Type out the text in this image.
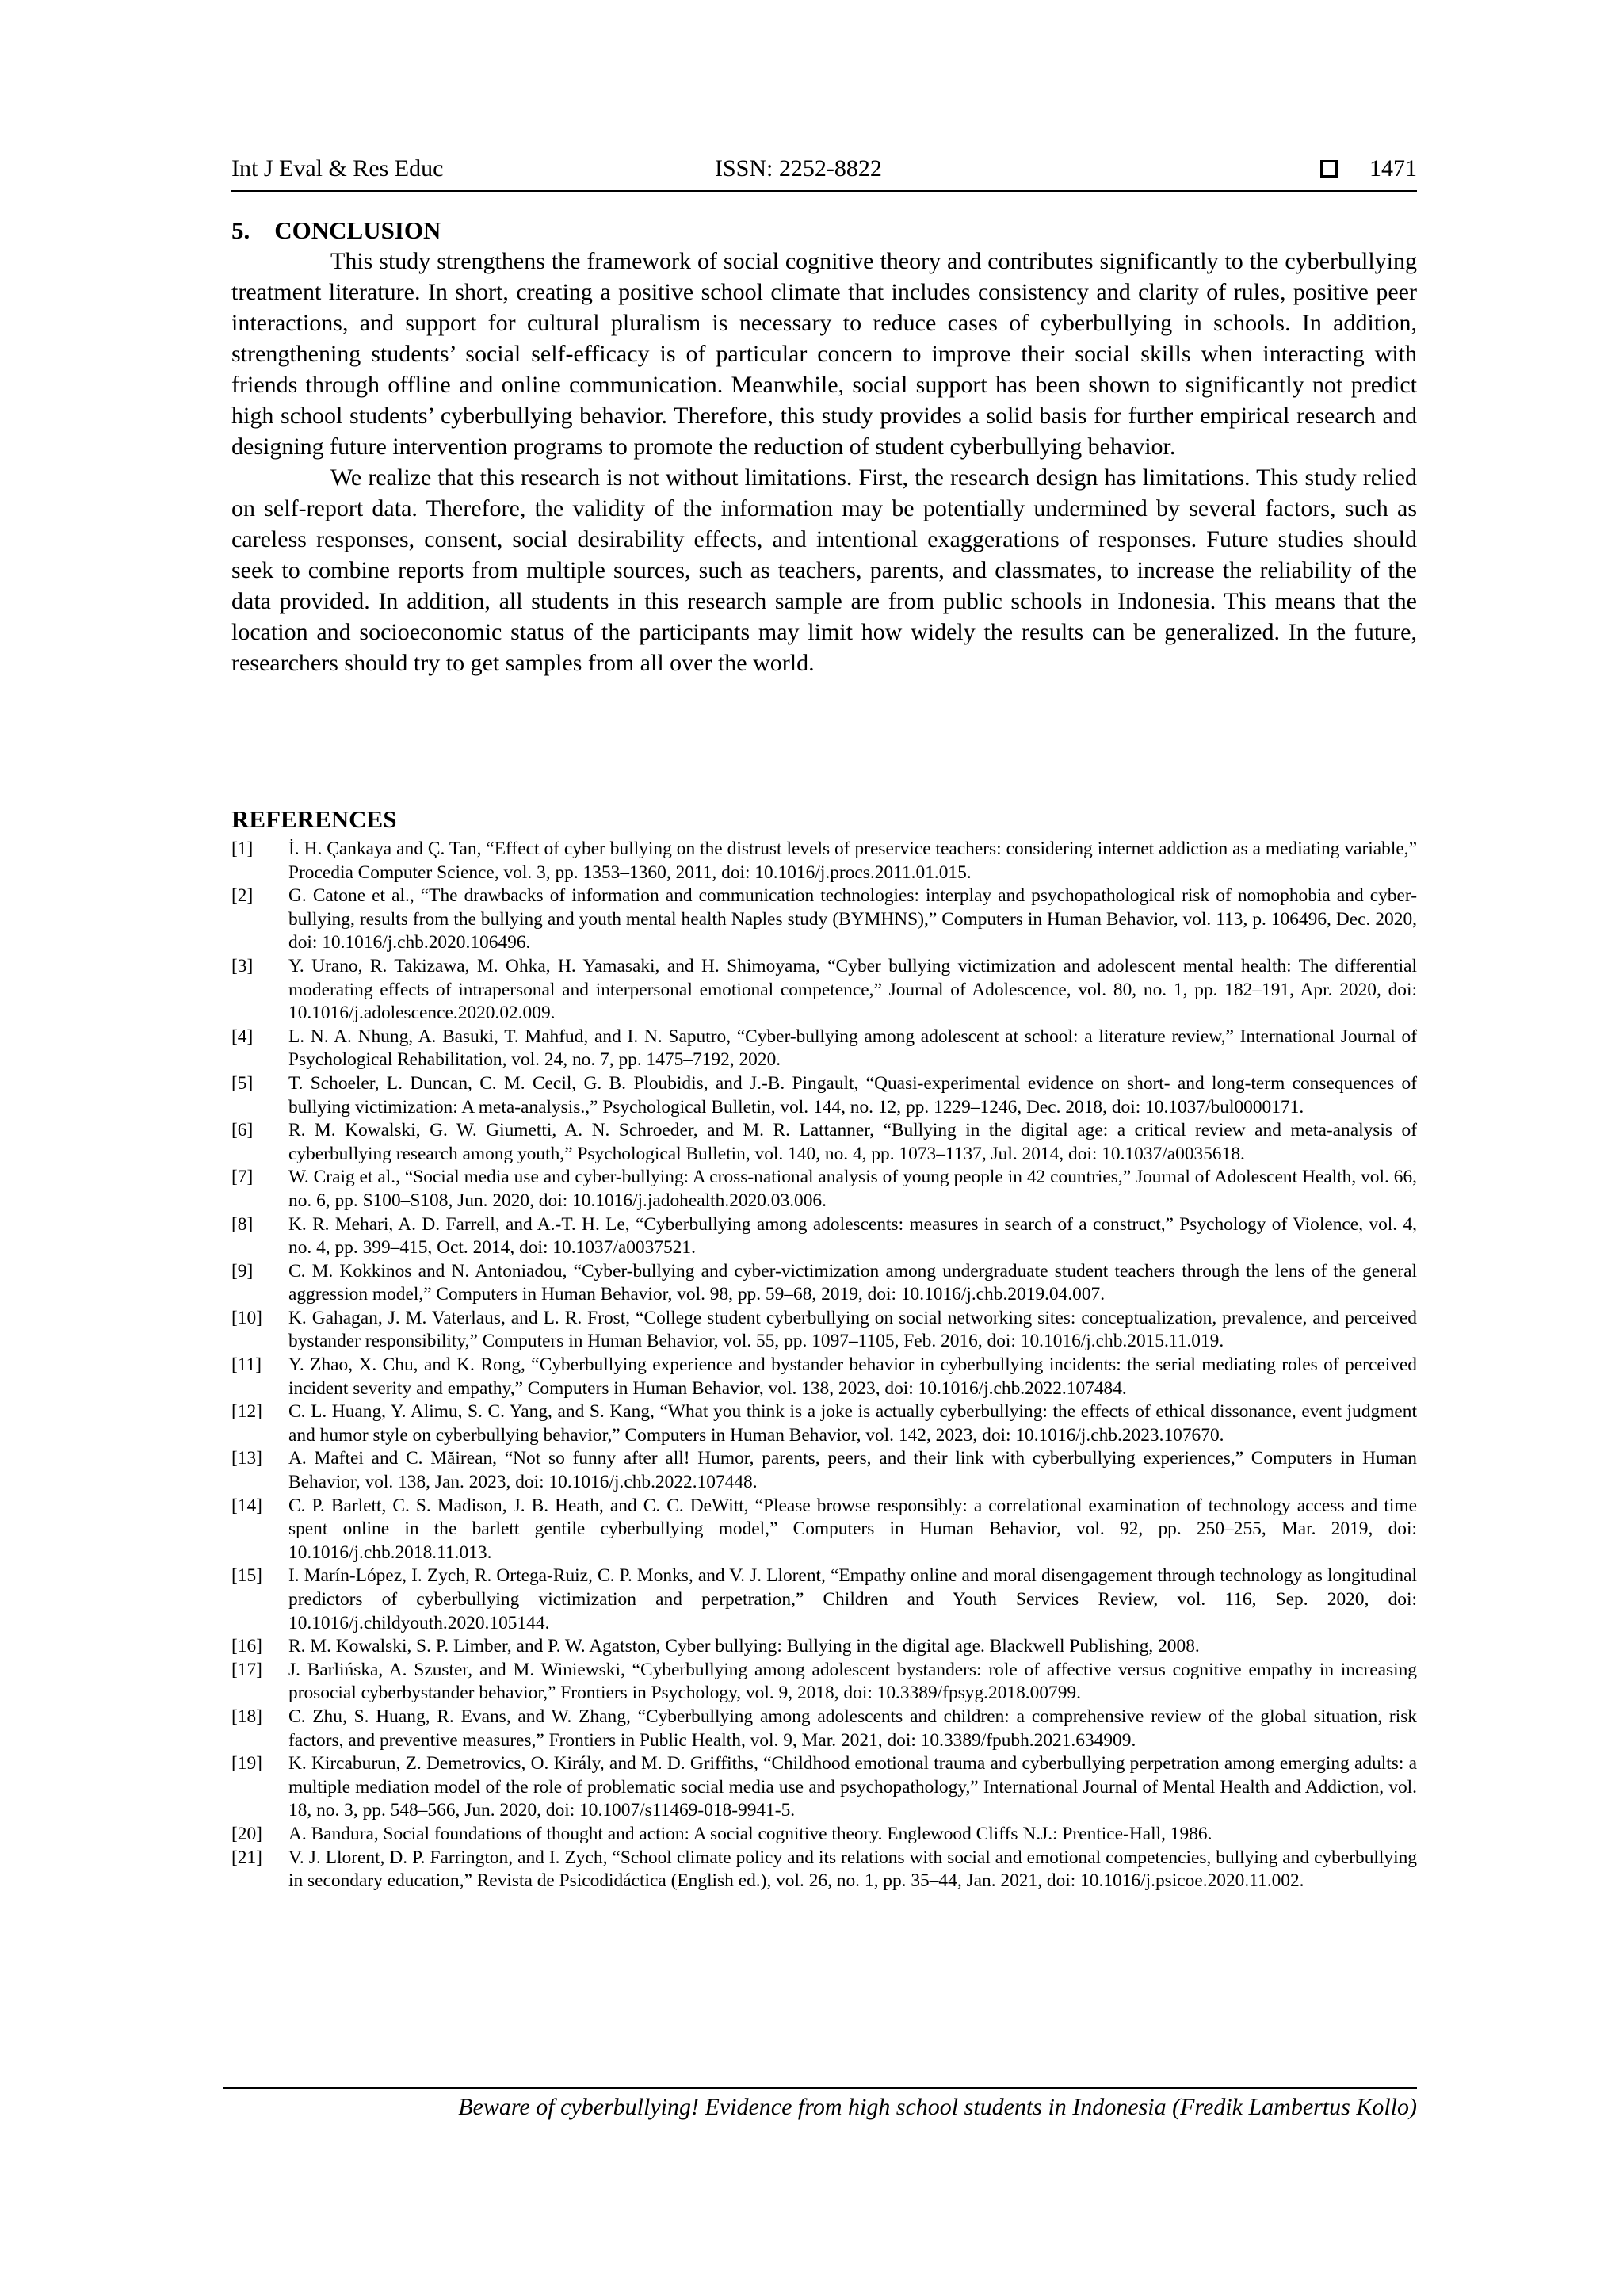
Int J Eval & Res Educ	ISSN: 2252-8822	1471
5.    CONCLUSION

This study strengthens the framework of social cognitive theory and contributes significantly to the cyberbullying treatment literature. In short, creating a positive school climate that includes consistency and clarity of rules, positive peer interactions, and support for cultural pluralism is necessary to reduce cases of cyberbullying in schools. In addition, strengthening students’ social self-efficacy is of particular concern to improve their social skills when interacting with friends through offline and online communication. Meanwhile, social support has been shown to significantly not predict high school students’ cyberbullying behavior. Therefore, this study provides a solid basis for further empirical research and designing future intervention programs to promote the reduction of student cyberbullying behavior.

We realize that this research is not without limitations. First, the research design has limitations. This study relied on self-report data. Therefore, the validity of the information may be potentially undermined by several factors, such as careless responses, consent, social desirability effects, and intentional exaggerations of responses. Future studies should seek to combine reports from multiple sources, such as teachers, parents, and classmates, to increase the reliability of the data provided. In addition, all students in this research sample are from public schools in Indonesia. This means that the location and socioeconomic status of the participants may limit how widely the results can be generalized. In the future, researchers should try to get samples from all over the world.

REFERENCES
[1]	İ. H. Çankaya and Ç. Tan, “Effect of cyber bullying on the distrust levels of preservice teachers: considering internet addiction as a mediating variable,” Procedia Computer Science, vol. 3, pp. 1353–1360, 2011, doi: 10.1016/j.procs.2011.01.015.
[2]	G. Catone et al., “The drawbacks of information and communication technologies: interplay and psychopathological risk of nomophobia and cyber-bullying, results from the bullying and youth mental health Naples study (BYMHNS),” Computers in Human Behavior, vol. 113, p. 106496, Dec. 2020, doi: 10.1016/j.chb.2020.106496.
[3]	Y. Urano, R. Takizawa, M. Ohka, H. Yamasaki, and H. Shimoyama, “Cyber bullying victimization and adolescent mental health: The differential moderating effects of intrapersonal and interpersonal emotional competence,” Journal of Adolescence, vol. 80, no. 1, pp. 182–191, Apr. 2020, doi: 10.1016/j.adolescence.2020.02.009.
[4]	L. N. A. Nhung, A. Basuki, T. Mahfud, and I. N. Saputro, “Cyber-bullying among adolescent at school: a literature review,” International Journal of Psychological Rehabilitation, vol. 24, no. 7, pp. 1475–7192, 2020.
[5]	T. Schoeler, L. Duncan, C. M. Cecil, G. B. Ploubidis, and J.-B. Pingault, “Quasi-experimental evidence on short- and long-term consequences of bullying victimization: A meta-analysis.,” Psychological Bulletin, vol. 144, no. 12, pp. 1229–1246, Dec. 2018, doi: 10.1037/bul0000171.
[6]	R. M. Kowalski, G. W. Giumetti, A. N. Schroeder, and M. R. Lattanner, “Bullying in the digital age: a critical review and meta-analysis of cyberbullying research among youth,” Psychological Bulletin, vol. 140, no. 4, pp. 1073–1137, Jul. 2014, doi: 10.1037/a0035618.
[7]	W. Craig et al., “Social media use and cyber-bullying: A cross-national analysis of young people in 42 countries,” Journal of Adolescent Health, vol. 66, no. 6, pp. S100–S108, Jun. 2020, doi: 10.1016/j.jadohealth.2020.03.006.
[8]	K. R. Mehari, A. D. Farrell, and A.-T. H. Le, “Cyberbullying among adolescents: measures in search of a construct,” Psychology of Violence, vol. 4, no. 4, pp. 399–415, Oct. 2014, doi: 10.1037/a0037521.
[9]	C. M. Kokkinos and N. Antoniadou, “Cyber-bullying and cyber-victimization among undergraduate student teachers through the lens of the general aggression model,” Computers in Human Behavior, vol. 98, pp. 59–68, 2019, doi: 10.1016/j.chb.2019.04.007.
[10]	K. Gahagan, J. M. Vaterlaus, and L. R. Frost, “College student cyberbullying on social networking sites: conceptualization, prevalence, and perceived bystander responsibility,” Computers in Human Behavior, vol. 55, pp. 1097–1105, Feb. 2016, doi: 10.1016/j.chb.2015.11.019.
[11]	Y. Zhao, X. Chu, and K. Rong, “Cyberbullying experience and bystander behavior in cyberbullying incidents: the serial mediating roles of perceived incident severity and empathy,” Computers in Human Behavior, vol. 138, 2023, doi: 10.1016/j.chb.2022.107484.
[12]	C. L. Huang, Y. Alimu, S. C. Yang, and S. Kang, “What you think is a joke is actually cyberbullying: the effects of ethical dissonance, event judgment and humor style on cyberbullying behavior,” Computers in Human Behavior, vol. 142, 2023, doi: 10.1016/j.chb.2023.107670.
[13]	A. Maftei and C. Măirean, “Not so funny after all! Humor, parents, peers, and their link with cyberbullying experiences,” Computers in Human Behavior, vol. 138, Jan. 2023, doi: 10.1016/j.chb.2022.107448.
[14]	C. P. Barlett, C. S. Madison, J. B. Heath, and C. C. DeWitt, “Please browse responsibly: a correlational examination of technology access and time spent online in the barlett gentile cyberbullying model,” Computers in Human Behavior, vol. 92, pp. 250–255, Mar. 2019, doi: 10.1016/j.chb.2018.11.013.
[15]	I. Marín-López, I. Zych, R. Ortega-Ruiz, C. P. Monks, and V. J. Llorent, “Empathy online and moral disengagement through technology as longitudinal predictors of cyberbullying victimization and perpetration,” Children and Youth Services Review, vol. 116, Sep. 2020, doi: 10.1016/j.childyouth.2020.105144.
[16]	R. M. Kowalski, S. P. Limber, and P. W. Agatston, Cyber bullying: Bullying in the digital age. Blackwell Publishing, 2008.
[17]	J. Barlińska, A. Szuster, and M. Winiewski, “Cyberbullying among adolescent bystanders: role of affective versus cognitive empathy in increasing prosocial cyberbystander behavior,” Frontiers in Psychology, vol. 9, 2018, doi: 10.3389/fpsyg.2018.00799.
[18]	C. Zhu, S. Huang, R. Evans, and W. Zhang, “Cyberbullying among adolescents and children: a comprehensive review of the global situation, risk factors, and preventive measures,” Frontiers in Public Health, vol. 9, Mar. 2021, doi: 10.3389/fpubh.2021.634909.
[19]	K. Kircaburun, Z. Demetrovics, O. Király, and M. D. Griffiths, “Childhood emotional trauma and cyberbullying perpetration among emerging adults: a multiple mediation model of the role of problematic social media use and psychopathology,” International Journal of Mental Health and Addiction, vol. 18, no. 3, pp. 548–566, Jun. 2020, doi: 10.1007/s11469-018-9941-5.
[20]	A. Bandura, Social foundations of thought and action: A social cognitive theory. Englewood Cliffs N.J.: Prentice-Hall, 1986.
[21]	V. J. Llorent, D. P. Farrington, and I. Zych, “School climate policy and its relations with social and emotional competencies, bullying and cyberbullying in secondary education,” Revista de Psicodidáctica (English ed.), vol. 26, no. 1, pp. 35–44, Jan. 2021, doi: 10.1016/j.psicoe.2020.11.002.
Beware of cyberbullying! Evidence from high school students in Indonesia (Fredik Lambertus Kollo)
